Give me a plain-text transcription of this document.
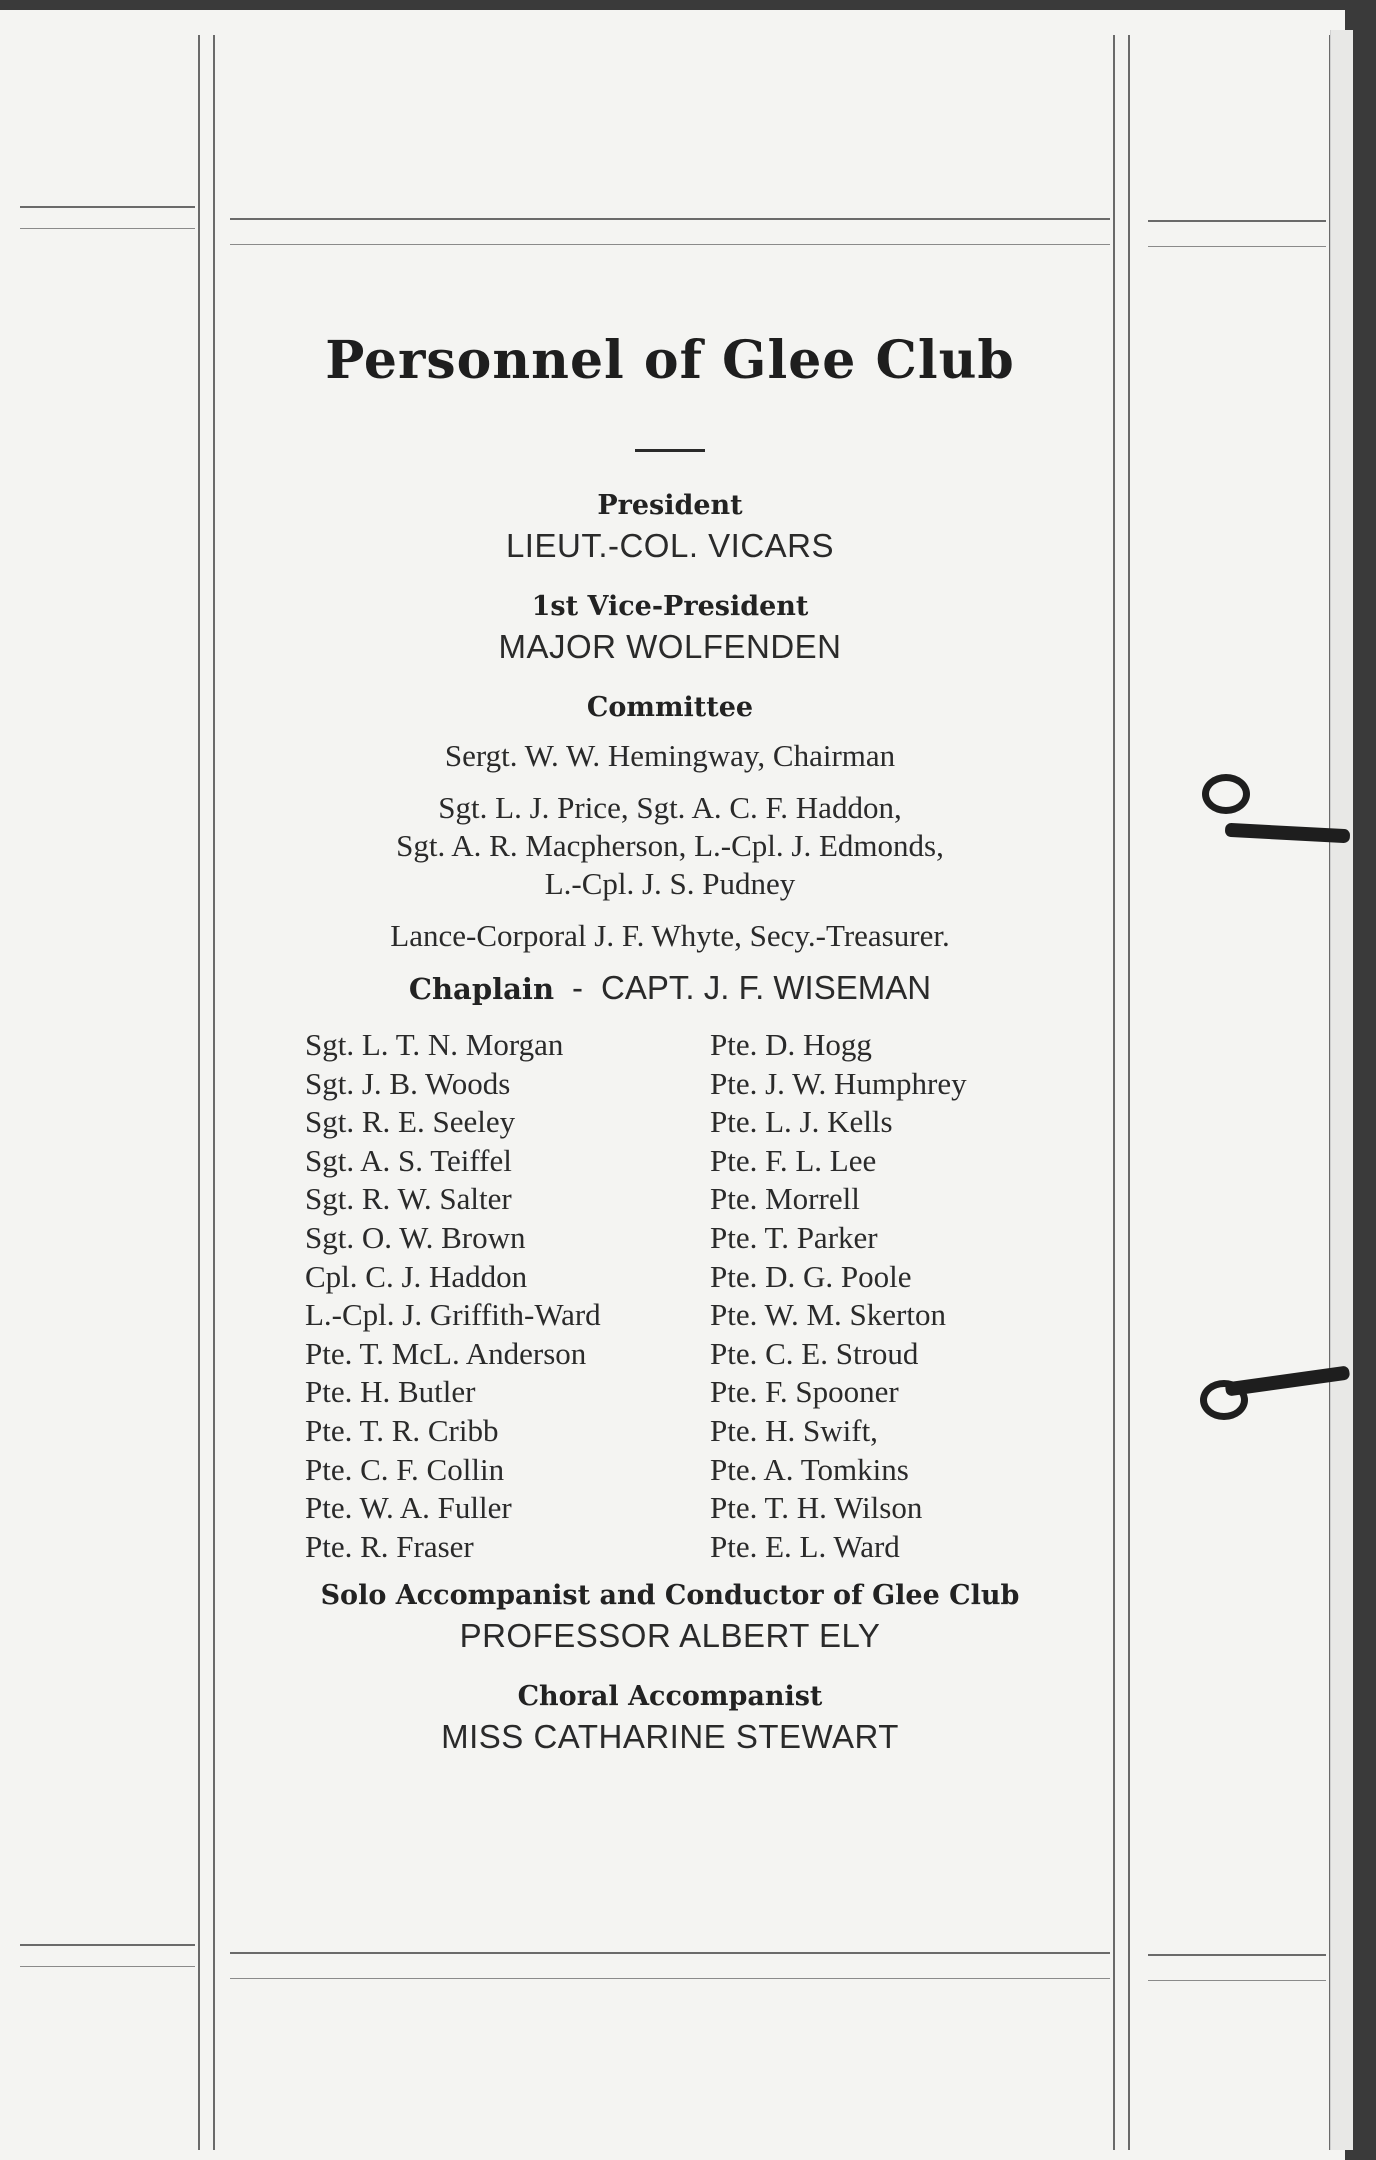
Personnel of Glee Club
President
LIEUT.-COL. VICARS
1st Vice-President
MAJOR WOLFENDEN
Committee
Sergt. W. W. Hemingway, Chairman
Sgt. L. J. Price, Sgt. A. C. F. Haddon,
Sgt. A. R. Macpherson, L.-Cpl. J. Edmonds,
L.-Cpl. J. S. Pudney
Lance-Corporal J. F. Whyte, Secy.-Treasurer.
Chaplain - CAPT. J. F. WISEMAN
Sgt. L. T. N. Morgan
Sgt. J. B. Woods
Sgt. R. E. Seeley
Sgt. A. S. Teiffel
Sgt. R. W. Salter
Sgt. O. W. Brown
Cpl. C. J. Haddon
L.-Cpl. J. Griffith-Ward
Pte. T. McL. Anderson
Pte. H. Butler
Pte. T. R. Cribb
Pte. C. F. Collin
Pte. W. A. Fuller
Pte. R. Fraser
Pte. D. Hogg
Pte. J. W. Humphrey
Pte. L. J. Kells
Pte. F. L. Lee
Pte. Morrell
Pte. T. Parker
Pte. D. G. Poole
Pte. W. M. Skerton
Pte. C. E. Stroud
Pte. F. Spooner
Pte. H. Swift,
Pte. A. Tomkins
Pte. T. H. Wilson
Pte. E. L. Ward
Solo Accompanist and Conductor of Glee Club
PROFESSOR ALBERT ELY
Choral Accompanist
MISS CATHARINE STEWART
